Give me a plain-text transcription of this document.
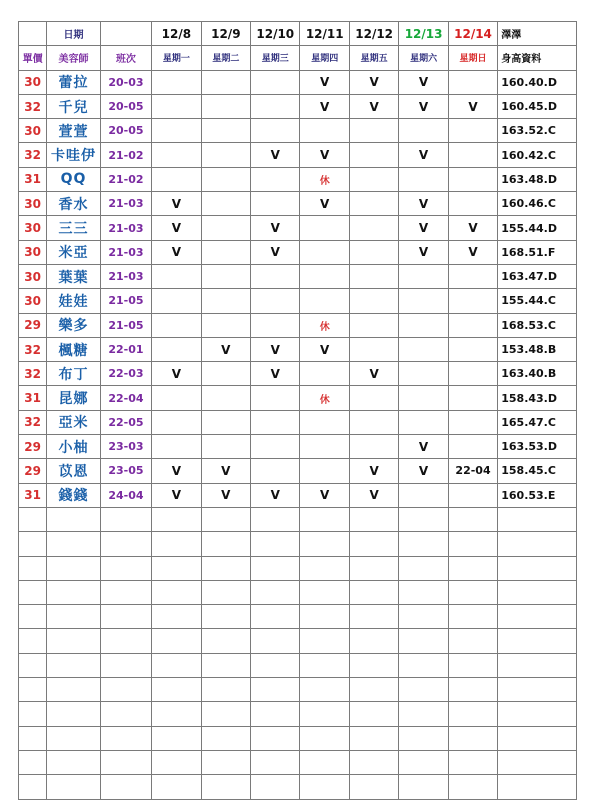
	日期		12/8	12/9	12/10	12/11	12/12	12/13	12/14	澤澤
單價	美容師	班次	星期一	星期二	星期三	星期四	星期五	星期六	星期日	身高資料
30	蕾拉	20-03				V	V	V		160.40.D
32	千兒	20-05				V	V	V	V	160.45.D
30	萱萱	20-05								163.52.C
32	卡哇伊	21-02			V	V		V		160.42.C
31	QQ	21-02				休				163.48.D
30	香水	21-03	V			V		V		160.46.C
30	三三	21-03	V		V			V	V	155.44.D
30	米亞	21-03	V		V			V	V	168.51.F
30	葉葉	21-03								163.47.D
30	娃娃	21-05								155.44.C
29	樂多	21-05				休				168.53.C
32	楓糖	22-01		V	V	V				153.48.B
32	布丁	22-03	V		V		V			163.40.B
31	昆娜	22-04				休				158.43.D
32	亞米	22-05								165.47.C
29	小柚	23-03						V		163.53.D
29	苡恩	23-05	V	V			V	V	22-04	158.45.C
31	錢錢	24-04	V	V	V	V	V			160.53.E
